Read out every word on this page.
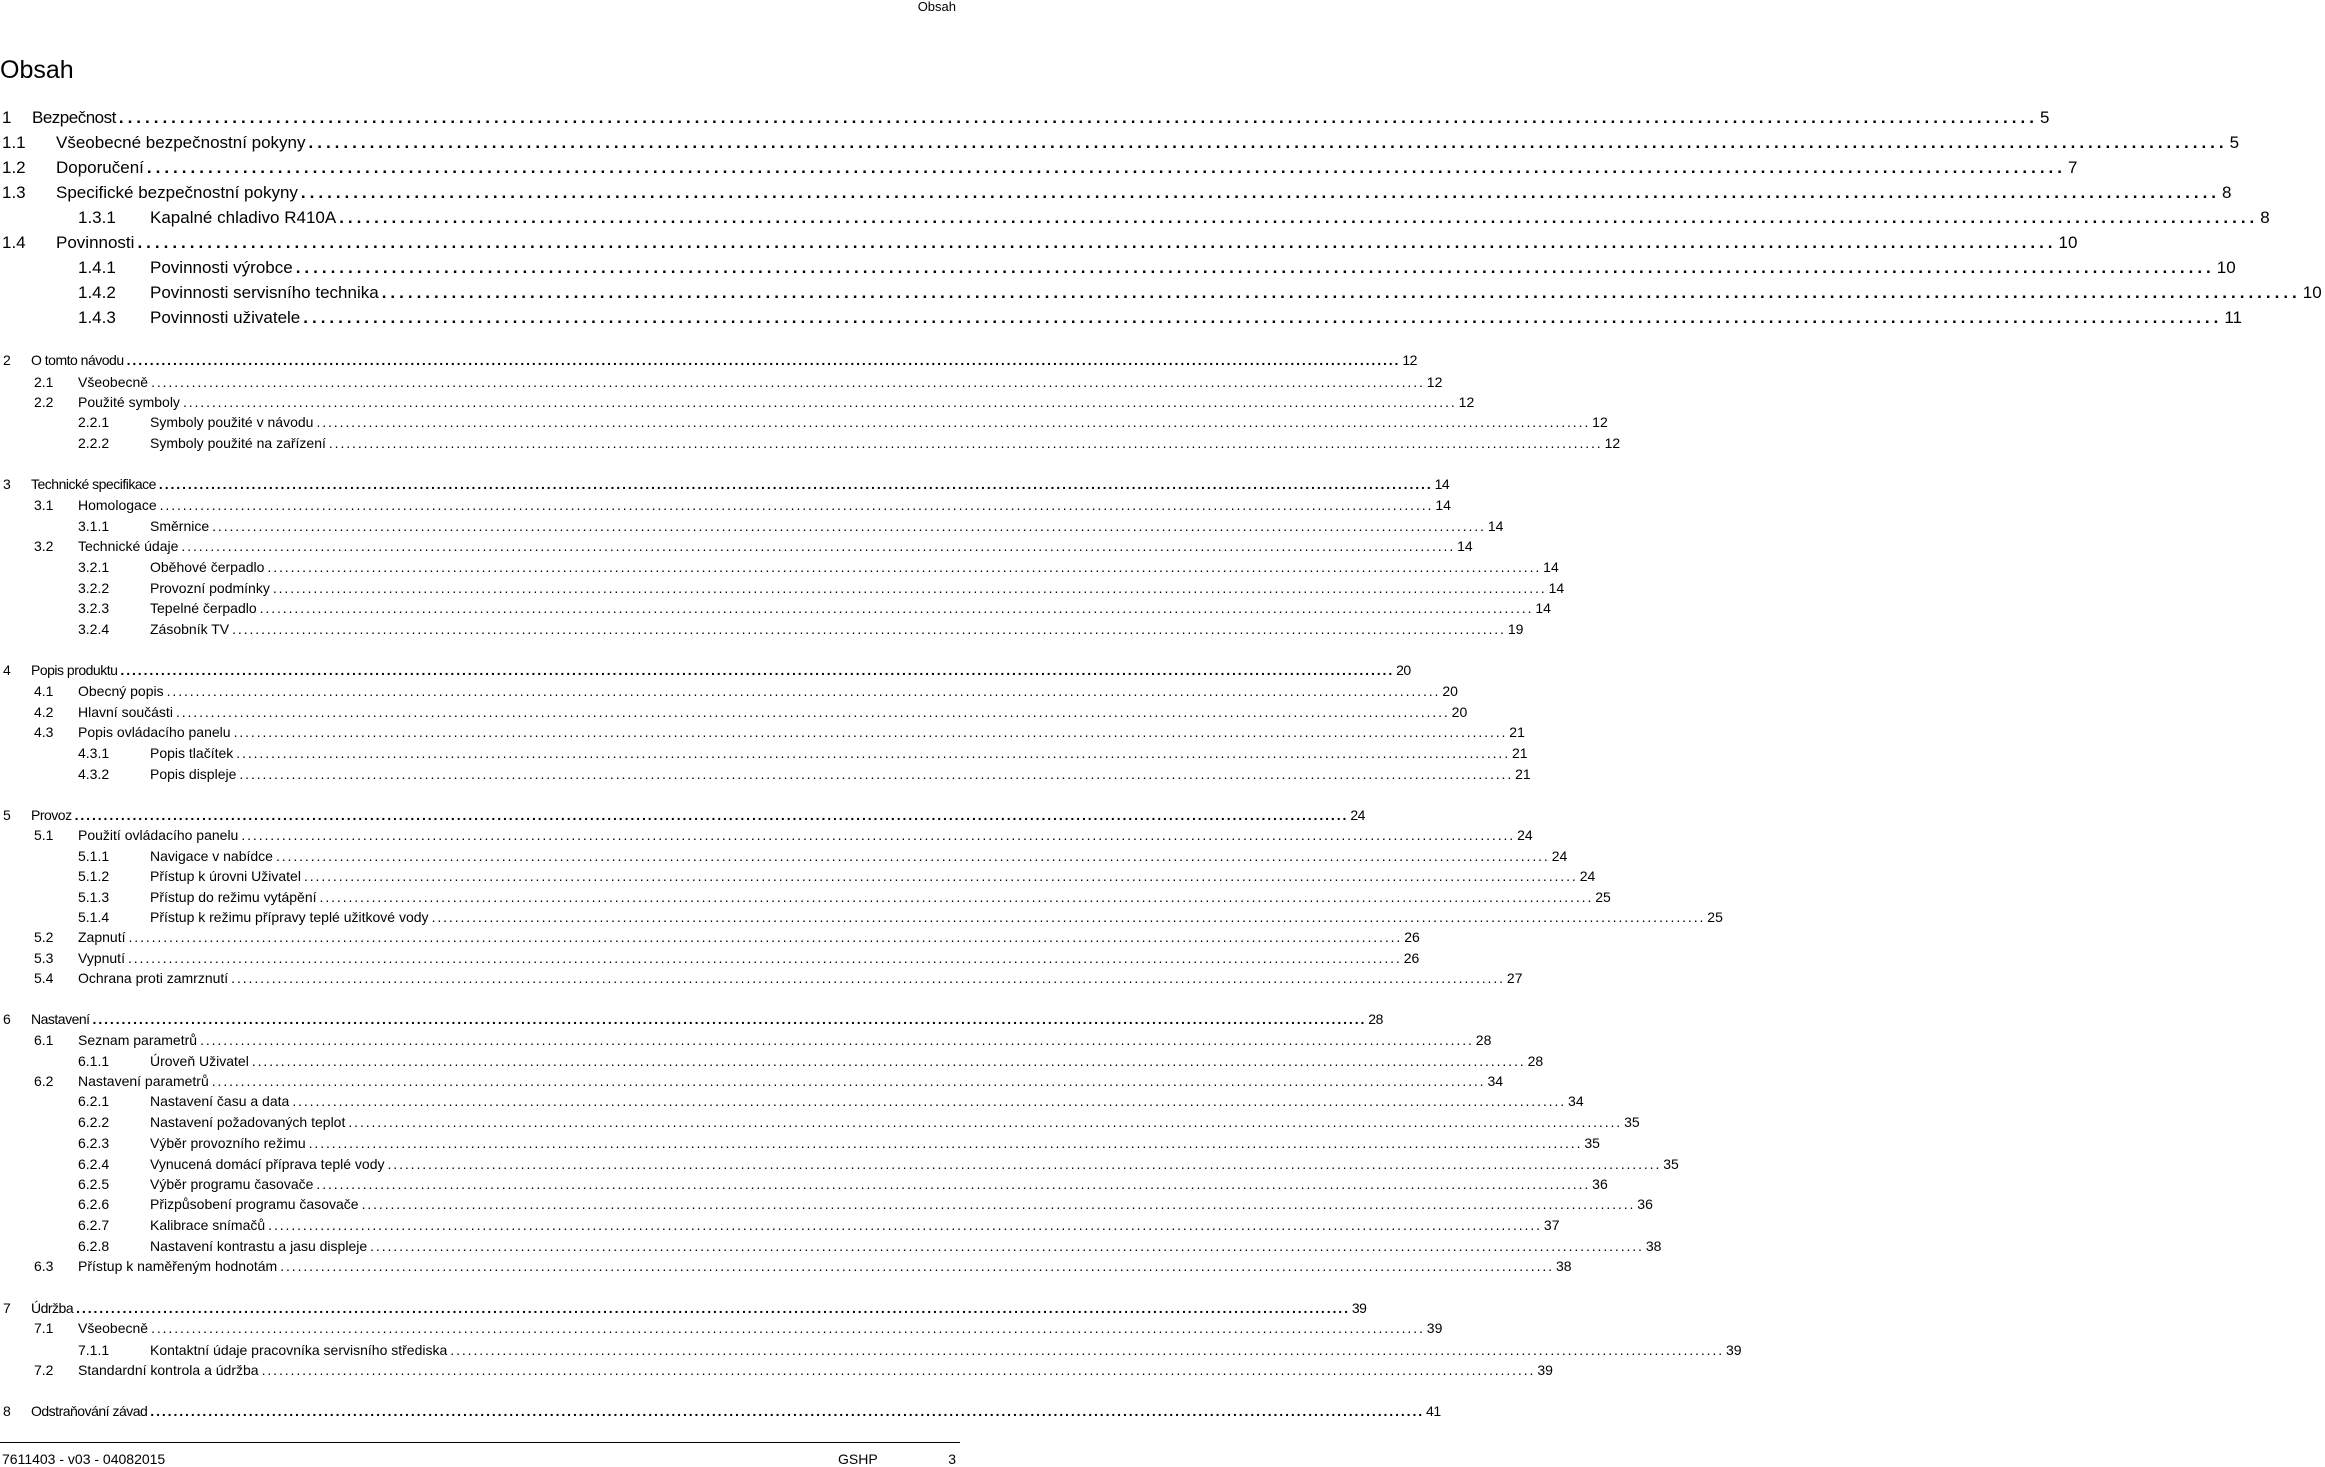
Obsah
Obsah
1	Bezpečnost ............................................................................................................................................................................................................................ 5
1.1	Všeobecné bezpečnostní pokyny ............................................................................................................................................................................................................................ 5
1.2	Doporučení ............................................................................................................................................................................................................................ 7
1.3	Specifické bezpečnostní pokyny ............................................................................................................................................................................................................................ 8
1.3.1	Kapalné chladivo R410A ............................................................................................................................................................................................................................ 8
1.4	Povinnosti ............................................................................................................................................................................................................................ 10
1.4.1	Povinnosti výrobce ............................................................................................................................................................................................................................ 10
1.4.2	Povinnosti servisního technika ............................................................................................................................................................................................................................ 10
1.4.3	Povinnosti uživatele ............................................................................................................................................................................................................................ 11
2	O tomto návodu ............................................................................................................................................................................................................................ 12
2.1	Všeobecně ............................................................................................................................................................................................................................ 12
2.2	Použité symboly ............................................................................................................................................................................................................................ 12
2.2.1	Symboly použité v návodu ............................................................................................................................................................................................................................ 12
2.2.2	Symboly použité na zařízení ............................................................................................................................................................................................................................ 12
3	Technické specifikace ............................................................................................................................................................................................................................ 14
3.1	Homologace ............................................................................................................................................................................................................................ 14
3.1.1	Směrnice ............................................................................................................................................................................................................................ 14
3.2	Technické údaje ............................................................................................................................................................................................................................ 14
3.2.1	Oběhové čerpadlo ............................................................................................................................................................................................................................ 14
3.2.2	Provozní podmínky ............................................................................................................................................................................................................................ 14
3.2.3	Tepelné čerpadlo ............................................................................................................................................................................................................................ 14
3.2.4	Zásobník TV ............................................................................................................................................................................................................................ 19
4	Popis produktu ............................................................................................................................................................................................................................ 20
4.1	Obecný popis ............................................................................................................................................................................................................................ 20
4.2	Hlavní součásti ............................................................................................................................................................................................................................ 20
4.3	Popis ovládacího panelu ............................................................................................................................................................................................................................ 21
4.3.1	Popis tlačítek ............................................................................................................................................................................................................................ 21
4.3.2	Popis displeje ............................................................................................................................................................................................................................ 21
5	Provoz ............................................................................................................................................................................................................................ 24
5.1	Použití ovládacího panelu ............................................................................................................................................................................................................................ 24
5.1.1	Navigace v nabídce ............................................................................................................................................................................................................................ 24
5.1.2	Přístup k úrovni Uživatel ............................................................................................................................................................................................................................ 24
5.1.3	Přístup do režimu vytápění ............................................................................................................................................................................................................................ 25
5.1.4	Přístup k režimu přípravy teplé užitkové vody ............................................................................................................................................................................................................................ 25
5.2	Zapnutí ............................................................................................................................................................................................................................ 26
5.3	Vypnutí ............................................................................................................................................................................................................................ 26
5.4	Ochrana proti zamrznutí ............................................................................................................................................................................................................................ 27
6	Nastavení ............................................................................................................................................................................................................................ 28
6.1	Seznam parametrů ............................................................................................................................................................................................................................ 28
6.1.1	Úroveň Uživatel ............................................................................................................................................................................................................................ 28
6.2	Nastavení parametrů ............................................................................................................................................................................................................................ 34
6.2.1	Nastavení času a data ............................................................................................................................................................................................................................ 34
6.2.2	Nastavení požadovaných teplot ............................................................................................................................................................................................................................ 35
6.2.3	Výběr provozního režimu ............................................................................................................................................................................................................................ 35
6.2.4	Vynucená domácí příprava teplé vody ............................................................................................................................................................................................................................ 35
6.2.5	Výběr programu časovače ............................................................................................................................................................................................................................ 36
6.2.6	Přizpůsobení programu časovače ............................................................................................................................................................................................................................ 36
6.2.7	Kalibrace snímačů ............................................................................................................................................................................................................................ 37
6.2.8	Nastavení kontrastu a jasu displeje ............................................................................................................................................................................................................................ 38
6.3	Přístup k naměřeným hodnotám ............................................................................................................................................................................................................................ 38
7	Údržba ............................................................................................................................................................................................................................ 39
7.1	Všeobecně ............................................................................................................................................................................................................................ 39
7.1.1	Kontaktní údaje pracovníka servisního střediska ............................................................................................................................................................................................................................ 39
7.2	Standardní kontrola a údržba ............................................................................................................................................................................................................................ 39
8	Odstraňování závad ............................................................................................................................................................................................................................ 41
7611403 - v03 - 04082015	GSHP	3
